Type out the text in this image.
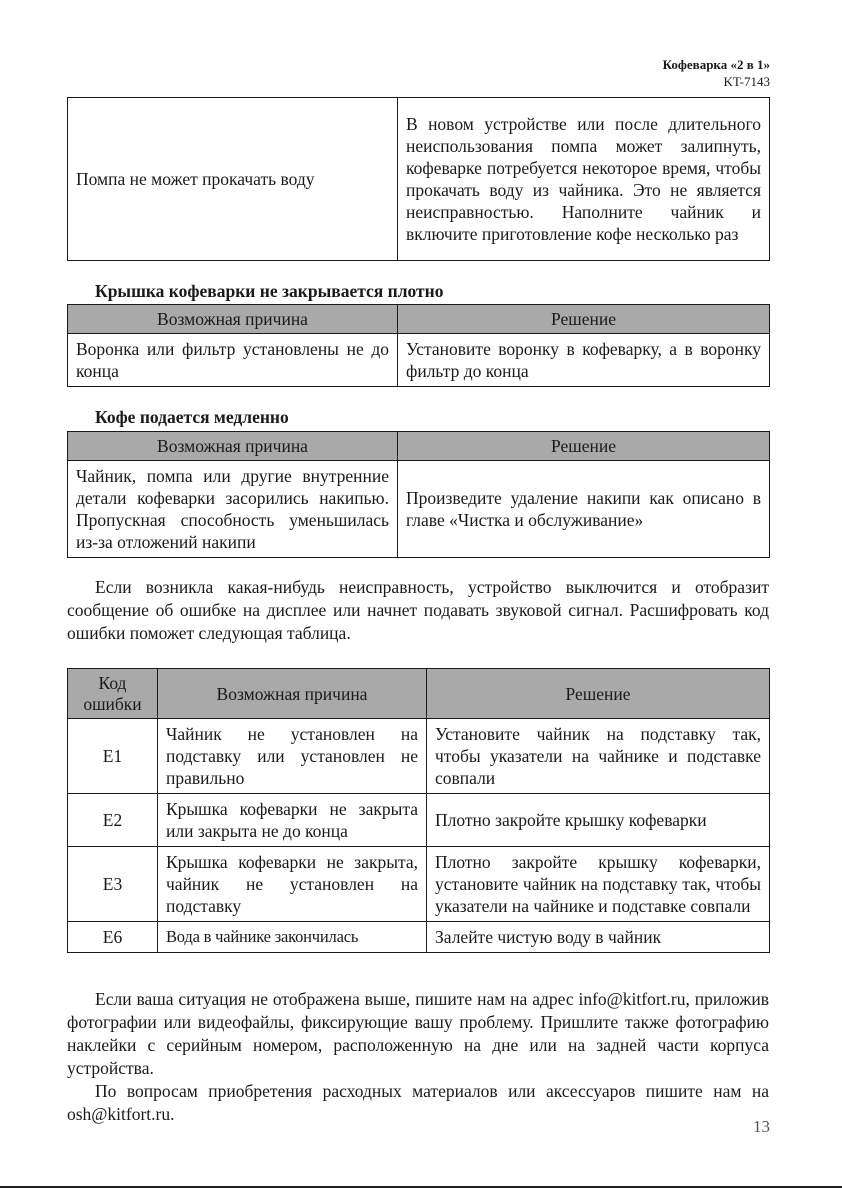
Кофеварка «2 в 1»
KT-7143
Помпа не может прокачать воду	В новом устройстве или после длительного неиспользования помпа может залипнуть, кофеварке потребуется некоторое время, чтобы прокачать воду из чайника. Это не является неисправностью. Наполните чайник и включите приготовление кофе несколько раз
Крышка кофеварки не закрывается плотно
Возможная причина	Решение
Воронка или фильтр установлены не до конца	Установите воронку в кофеварку, а в воронку фильтр до конца
Кофе подается медленно
Возможная причина	Решение
Чайник, помпа или другие внутренние детали кофеварки засорились накипью. Пропускная способность уменьшилась из-за отложений накипи	Произведите удаление накипи как описано в главе «Чистка и обслуживание»

Если возникла какая-нибудь неисправность, устройство выключится и отобразит сообщение об ошибке на дисплее или начнет подавать звуковой сигнал. Расшифровать код ошибки поможет следующая таблица.

Код ошибки	Возможная причина	Решение
E1	Чайник не установлен на подставку или установлен не правильно	Установите чайник на подставку так, чтобы указатели на чайнике и подставке совпали
E2	Крышка кофеварки не закрыта или закрыта не до конца	Плотно закройте крышку кофеварки
E3	Крышка кофеварки не закрыта, чайник не установлен на подставку	Плотно закройте крышку кофеварки, установите чайник на подставку так, чтобы указатели на чайнике и подставке совпали
E6	Вода в чайнике закончилась	Залейте чистую воду в чайник

Если ваша ситуация не отображена выше, пишите нам на адрес info@kitfort.ru, приложив фотографии или видеофайлы, фиксирующие вашу проблему. Пришлите также фотографию наклейки с серийным номером, расположенную на дне или на задней части корпуса устройства.

По вопросам приобретения расходных материалов или аксессуаров пишите нам на osh@kitfort.ru.

13
